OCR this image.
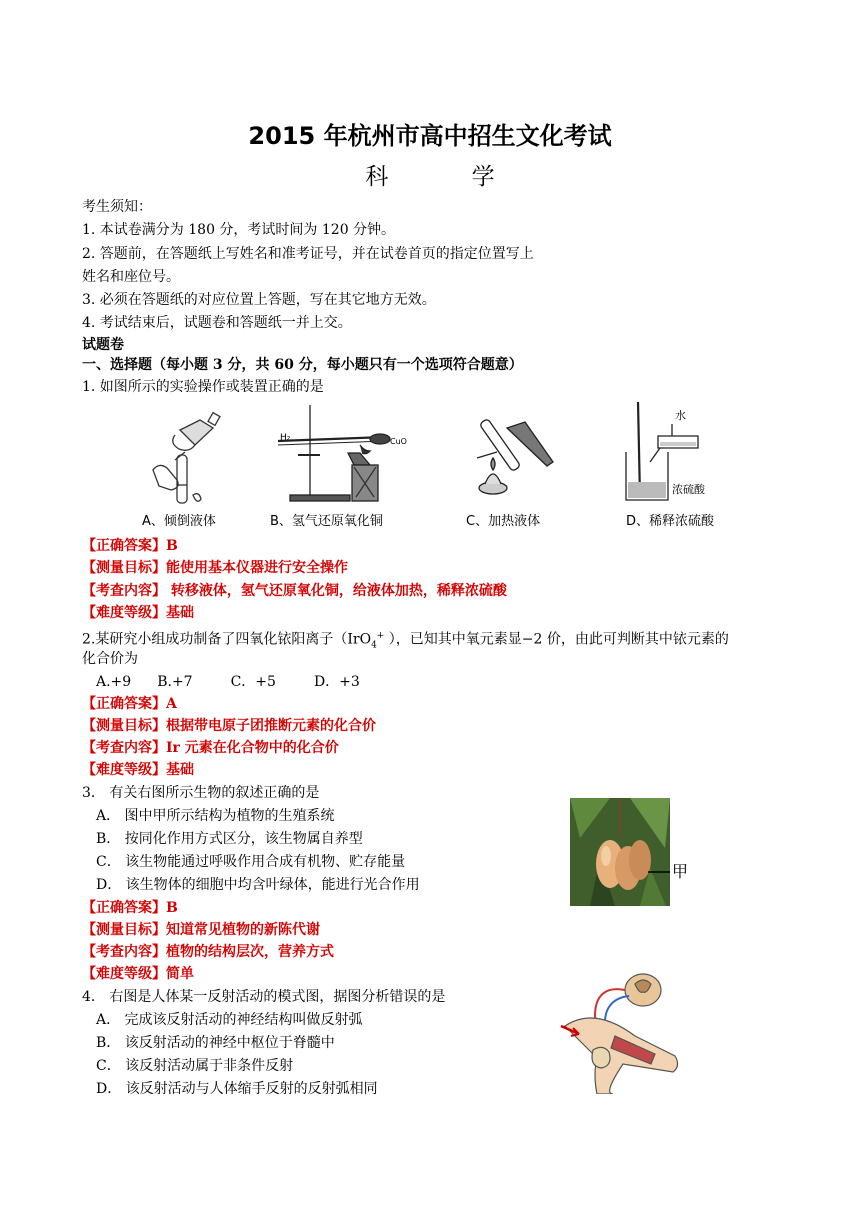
2015 年杭州市高中招生文化考试
科 学
考生须知：
1. 本试卷满分为 180 分，考试时间为 120 分钟。
2. 答题前，在答题纸上写姓名和准考证号，并在试卷首页的指定位置写上
姓名和座位号。
3. 必须在答题纸的对应位置上答题，写在其它地方无效。
4. 考试结束后，试题卷和答题纸一并上交。
试题卷
一、选择题（每小题 3 分，共 60 分，每小题只有一个选项符合题意）
1. 如图所示的实验操作或装置正确的是
A、倾倒液体
H₂	CuO
B、氢气还原氧化铜	C、加热液体
水
浓硫酸
D、稀释浓硫酸
【正确答案】B
【测量目标】能使用基本仪器进行安全操作
【考查内容】 转移液体，氢气还原氧化铜，给液体加热，稀释浓硫酸
【难度等级】基础
2.某研究小组成功制备了四氧化铱阳离子（IrO$_4$+ ），已知其中氧元素显−2 价，由此可判断其中铱元素的
化合价为
A.+9 B.+7	C．+5	D．+3
【正确答案】A
【测量目标】根据带电原子团推断元素的化合价
【考查内容】Ir 元素在化合物中的化合价
【难度等级】基础
3． 有关右图所示生物的叙述正确的是
A． 图中甲所示结构为植物的生殖系统
B． 按同化作用方式区分，该生物属自养型
C． 该生物能通过呼吸作用合成有机物、贮存能量
D． 该生物体的细胞中均含叶绿体，能进行光合作用
甲
【正确答案】B
【测量目标】知道常见植物的新陈代谢
【考查内容】植物的结构层次，营养方式
【难度等级】简单
4． 右图是人体某一反射活动的模式图，据图分析错误的是
A． 完成该反射活动的神经结构叫做反射弧
B． 该反射活动的神经中枢位于脊髓中
C． 该反射活动属于非条件反射
D． 该反射活动与人体缩手反射的反射弧相同
